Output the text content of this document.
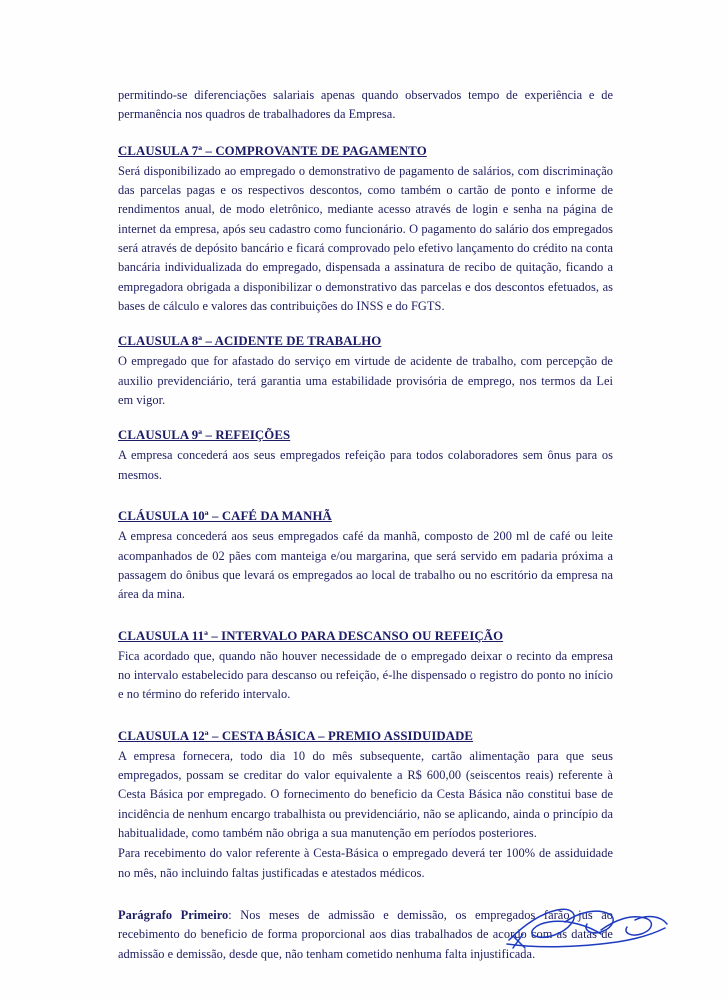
permitindo-se diferenciações salariais apenas quando observados tempo de experiência e de permanência nos quadros de trabalhadores da Empresa.

CLAUSULA 7ª – COMPROVANTE DE PAGAMENTO

Será disponibilizado ao empregado o demonstrativo de pagamento de salários, com discriminação das parcelas pagas e os respectivos descontos, como também o cartão de ponto e informe de rendimentos anual, de modo eletrônico, mediante acesso através de login e senha na página de internet da empresa, após seu cadastro como funcionário. O pagamento do salário dos empregados será através de depósito bancário e ficará comprovado pelo efetivo lançamento do crédito na conta bancária individualizada do empregado, dispensada a assinatura de recibo de quitação, ficando a empregadora obrigada a disponibilizar o demonstrativo das parcelas e dos descontos efetuados, as bases de cálculo e valores das contribuições do INSS e do FGTS.

CLAUSULA 8ª – ACIDENTE DE TRABALHO

O empregado que for afastado do serviço em virtude de acidente de trabalho, com percepção de auxilio previdenciário, terá garantia uma estabilidade provisória de emprego, nos termos da Lei em vigor.

CLAUSULA 9ª – REFEIÇÕES

A empresa concederá aos seus empregados refeição para todos colaboradores sem ônus para os mesmos.

CLÁUSULA 10ª – CAFÉ DA MANHÃ

A empresa concederá aos seus empregados café da manhã, composto de 200 ml de café ou leite acompanhados de 02 pães com manteiga e/ou margarina, que será servido em padaria próxima a passagem do ônibus que levará os empregados ao local de trabalho ou no escritório da empresa na área da mina.

CLAUSULA 11ª – INTERVALO PARA DESCANSO OU REFEIÇÃO

Fica acordado que, quando não houver necessidade de o empregado deixar o recinto da empresa no intervalo estabelecido para descanso ou refeição, é-lhe dispensado o registro do ponto no início e no término do referido intervalo.

CLAUSULA 12ª – CESTA BÁSICA – PREMIO ASSIDUIDADE

A empresa fornecera, todo dia 10 do mês subsequente, cartão alimentação para que seus empregados, possam se creditar do valor equivalente a R$ 600,00 (seiscentos reais) referente à Cesta Básica por empregado. O fornecimento do beneficio da Cesta Básica não constitui base de incidência de nenhum encargo trabalhista ou previdenciário, não se aplicando, ainda o princípio da habitualidade, como também não obriga a sua manutenção em períodos posteriores.

Para recebimento do valor referente à Cesta-Básica o empregado deverá ter 100% de assiduidade no mês, não incluindo faltas justificadas e atestados médicos.

Parágrafo Primeiro: Nos meses de admissão e demissão, os empregados farão jus ao recebimento do beneficio de forma proporcional aos dias trabalhados de acordo com as datas de admissão e demissão, desde que, não tenham cometido nenhuma falta injustificada.
